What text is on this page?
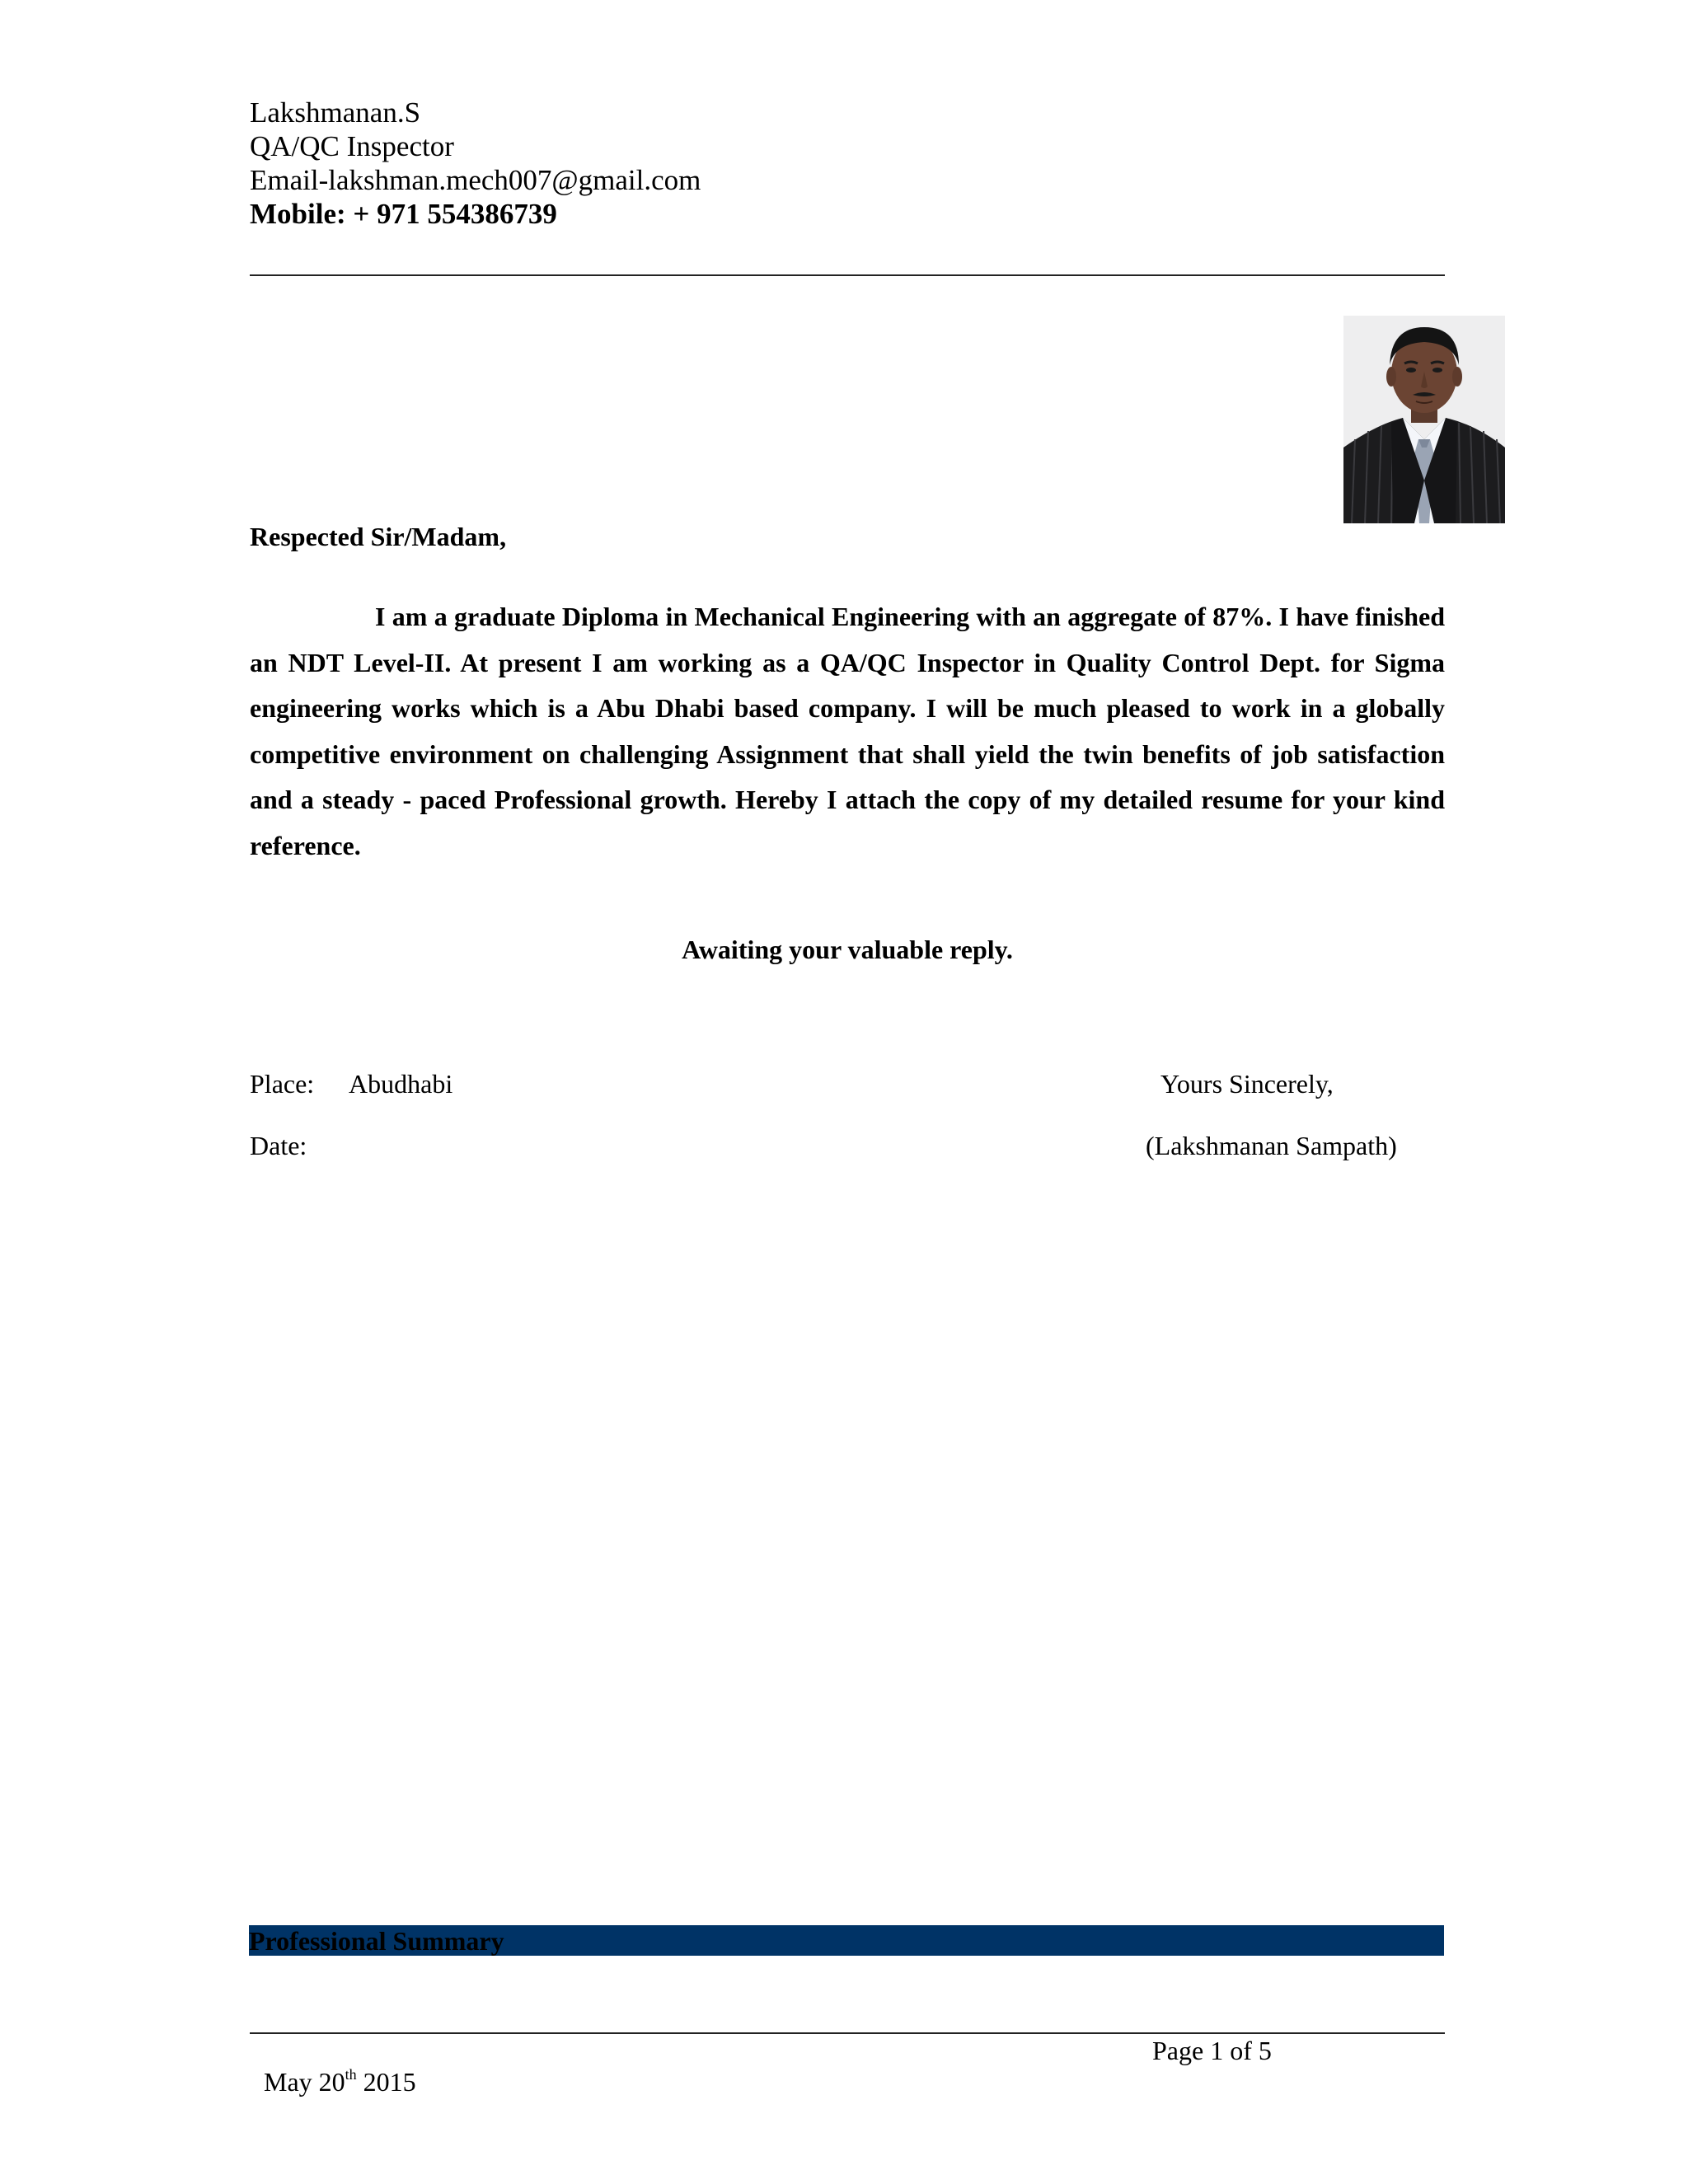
Lakshmanan.S
QA/QC Inspector
Email-lakshman.mech007@gmail.com
Mobile: + 971 554386739
Respected Sir/Madam,

I am a graduate Diploma in Mechanical Engineering with an aggregate of 87%. I have finished an NDT Level-II. At present I am working as a QA/QC Inspector in Quality Control Dept. for Sigma engineering works which is a Abu Dhabi based company. I will be much pleased to work in a globally competitive environment on challenging Assignment that shall yield the twin benefits of job satisfaction and a steady - paced Professional growth. Hereby I attach the copy of my detailed resume for your kind reference.

Awaiting your valuable reply.
Place: Abudhabi	Yours Sincerely,
Date:	(Lakshmanan Sampath)
Professional Summary
Page 1 of 5
May 20th 2015
